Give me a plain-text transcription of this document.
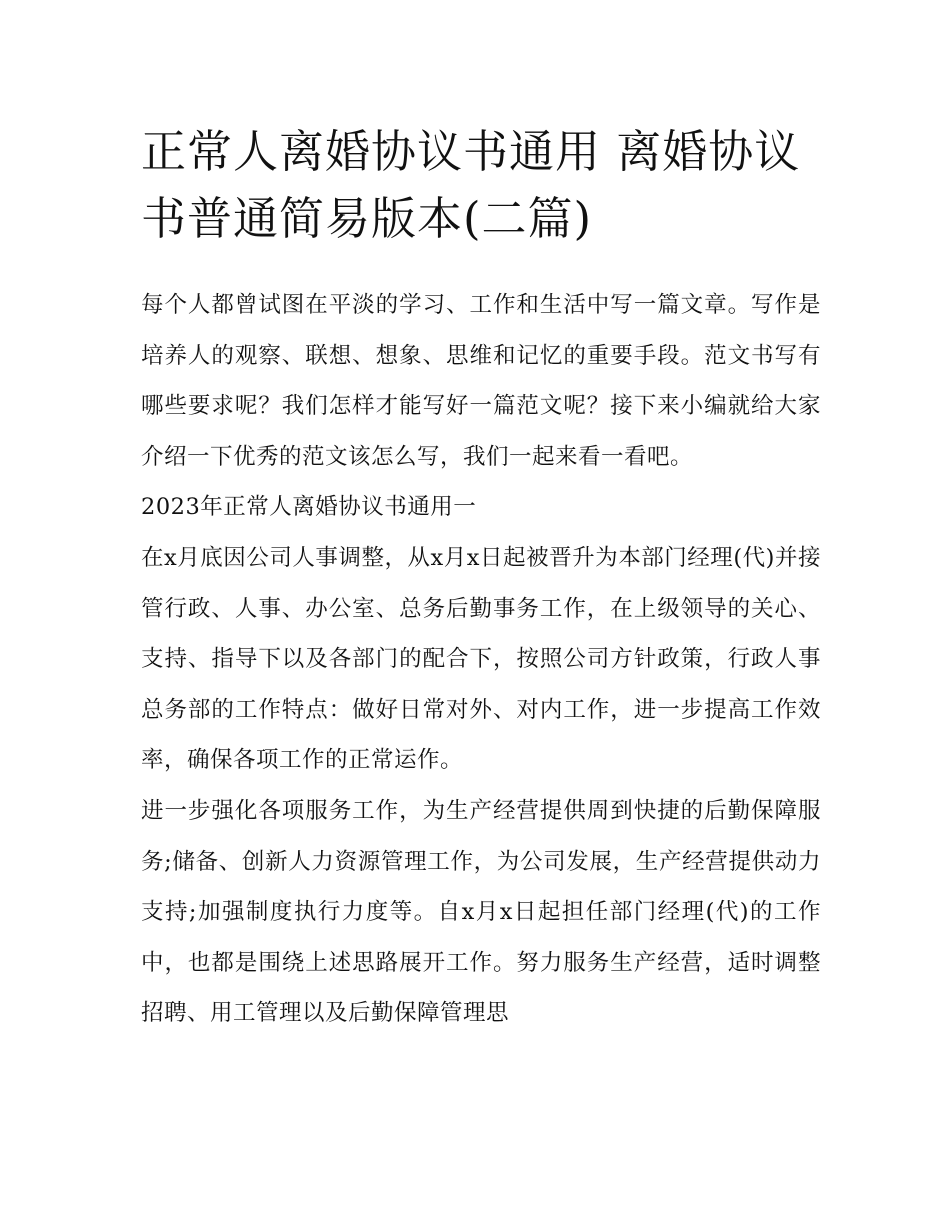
正常人离婚协议书通用 离婚协议书普通简易版本(二篇)

每个人都曾试图在平淡的学习、工作和生活中写一篇文章。写作是培养人的观察、联想、想象、思维和记忆的重要手段。范文书写有哪些要求呢？我们怎样才能写好一篇范文呢？接下来小编就给大家介绍一下优秀的范文该怎么写，我们一起来看一看吧。

2023年正常人离婚协议书通用一

在x月底因公司人事调整，从x月x日起被晋升为本部门经理(代)并接管行政、人事、办公室、总务后勤事务工作，在上级领导的关心、支持、指导下以及各部门的配合下，按照公司方针政策，行政人事总务部的工作特点：做好日常对外、对内工作，进一步提高工作效率，确保各项工作的正常运作。

进一步强化各项服务工作，为生产经营提供周到快捷的后勤保障服务;储备、创新人力资源管理工作，为公司发展，生产经营提供动力支持;加强制度执行力度等。自x月x日起担任部门经理(代)的工作中，也都是围绕上述思路展开工作。努力服务生产经营，适时调整招聘、用工管理以及后勤保障管理思
